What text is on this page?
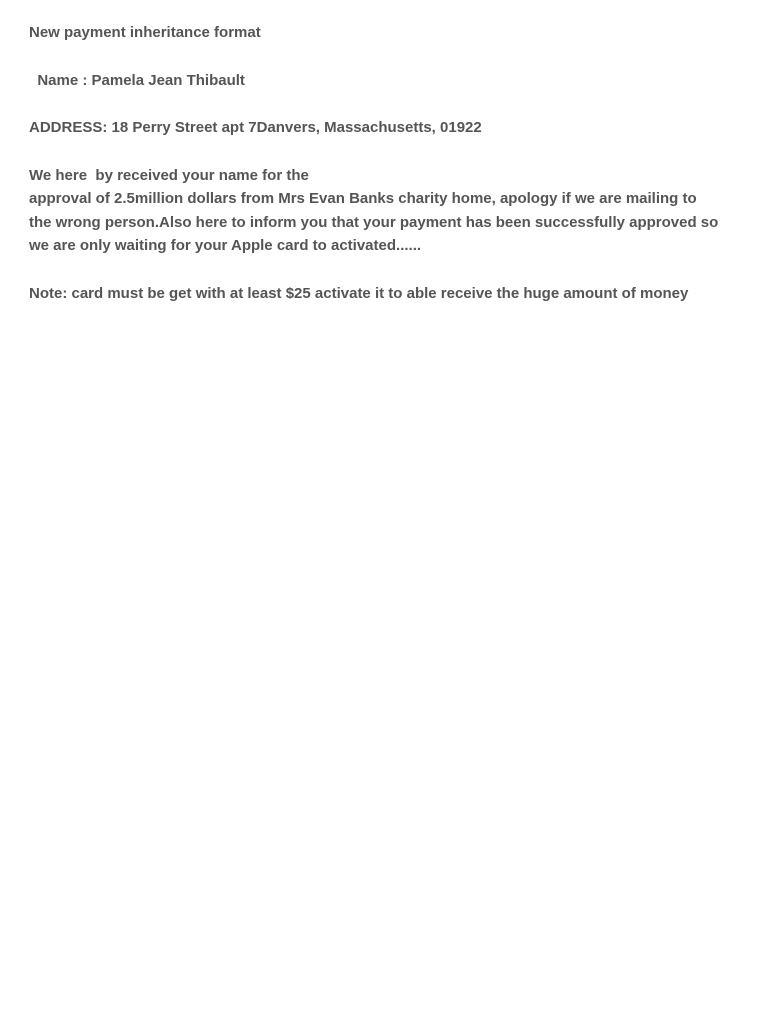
New payment inheritance format

Name : Pamela Jean Thibault

ADDRESS: 18 Perry Street apt 7Danvers, Massachusetts, 01922

We here  by received your name for the

approval of 2.5million dollars from Mrs Evan Banks charity home, apology if we are mailing to

the wrong person.Also here to inform you that your payment has been successfully approved so

we are only waiting for your Apple card to activated......

Note: card must be get with at least $25 activate it to able receive the huge amount of money
